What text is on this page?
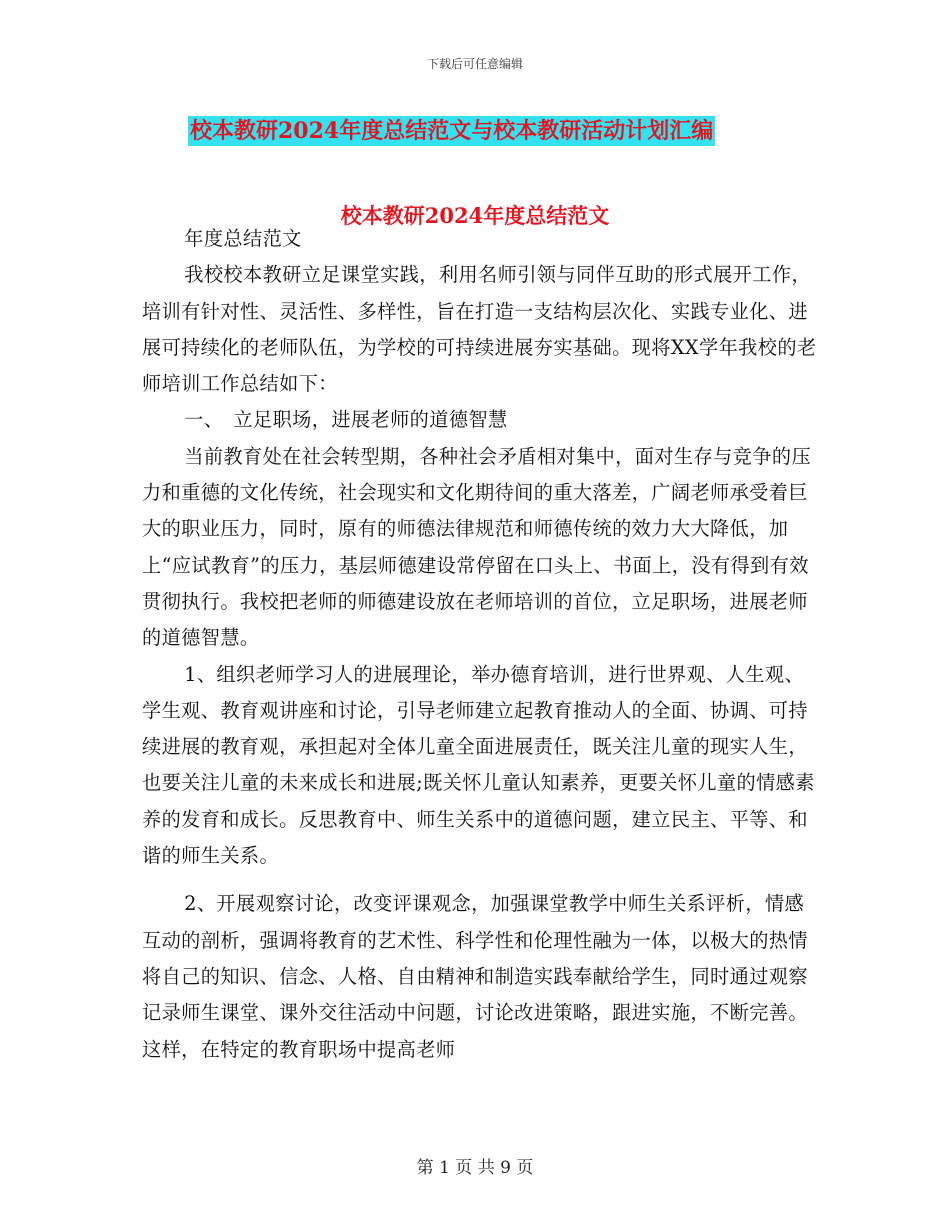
下载后可任意编辑
校本教研2024年度总结范文与校本教研活动计划汇编
校本教研2024年度总结范文

年度总结范文

我校校本教研立足课堂实践，利用名师引领与同伴互助的形式展开工作，培训有针对性、灵活性、多样性，旨在打造一支结构层次化、实践专业化、进展可持续化的老师队伍，为学校的可持续进展夯实基础。现将XX学年我校的老师培训工作总结如下：

一、　立足职场，进展老师的道德智慧

当前教育处在社会转型期，各种社会矛盾相对集中，面对生存与竞争的压力和重德的文化传统，社会现实和文化期待间的重大落差，广阔老师承受着巨大的职业压力，同时，原有的师德法律规范和师德传统的效力大大降低，加上“应试教育”的压力，基层师德建设常停留在口头上、书面上，没有得到有效贯彻执行。我校把老师的师德建设放在老师培训的首位，立足职场，进展老师的道德智慧。

1、组织老师学习人的进展理论，举办德育培训，进行世界观、人生观、学生观、教育观讲座和讨论，引导老师建立起教育推动人的全面、协调、可持续进展的教育观，承担起对全体儿童全面进展责任，既关注儿童的现实人生，也要关注儿童的未来成长和进展;既关怀儿童认知素养，更要关怀儿童的情感素养的发育和成长。反思教育中、师生关系中的道德问题，建立民主、平等、和谐的师生关系。

2、开展观察讨论，改变评课观念，加强课堂教学中师生关系评析，情感互动的剖析，强调将教育的艺术性、科学性和伦理性融为一体，以极大的热情将自己的知识、信念、人格、自由精神和制造实践奉献给学生，同时通过观察记录师生课堂、课外交往活动中问题，讨论改进策略，跟进实施，不断完善。这样，在特定的教育职场中提高老师

第 1 页 共 9 页
